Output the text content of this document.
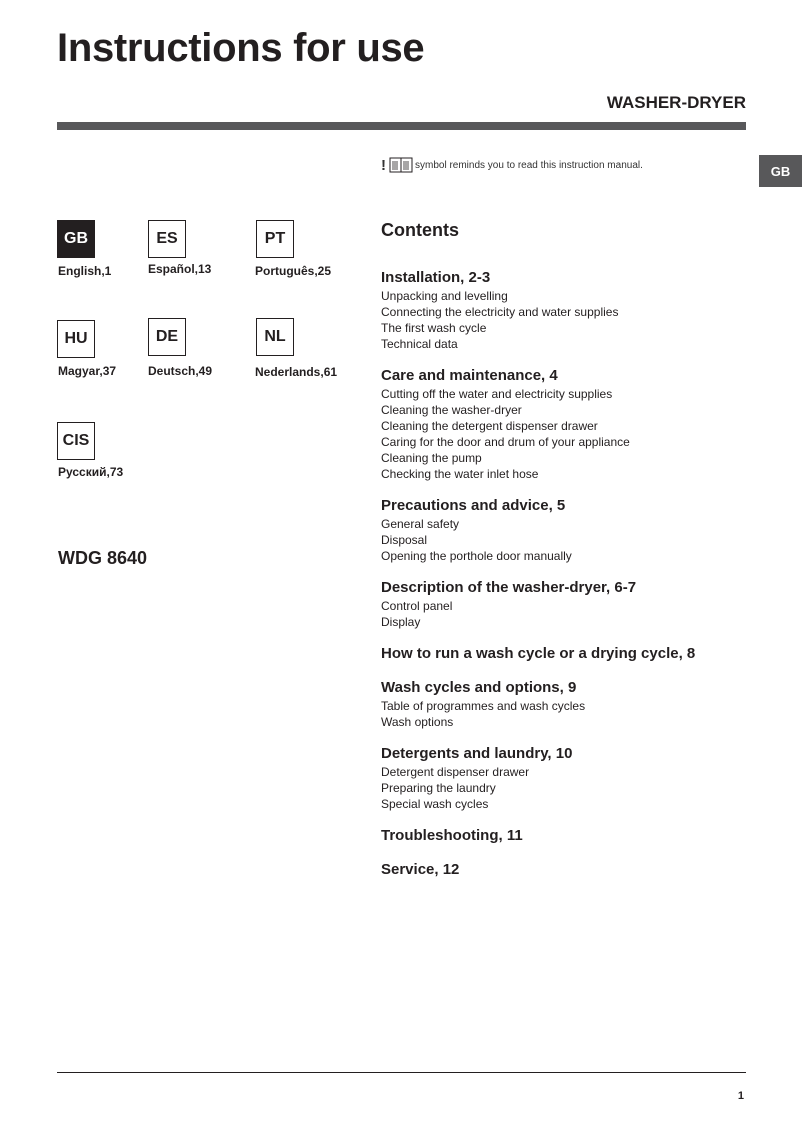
Instructions for use
WASHER-DRYER
GB
!	symbol reminds you to read this instruction manual.
GB
English,1
ES
Español,13
PT
Português,25
HU
Magyar,37
DE
Deutsch,49
NL
Nederlands,61
CIS
Русский,73
WDG 8640
Contents
Installation, 2-3
Unpacking and levelling
Connecting the electricity and water supplies
The first wash cycle
Technical data
Care and maintenance, 4
Cutting off the water and electricity supplies
Cleaning the washer-dryer
Cleaning the detergent dispenser drawer
Caring for the door and drum of your appliance
Cleaning the pump
Checking the water inlet hose
Precautions and advice, 5
General safety
Disposal
Opening the porthole door manually
Description of the washer-dryer, 6-7
Control panel
Display
How to run a wash cycle or a drying cycle, 8
Wash cycles and options, 9
Table of programmes and wash cycles
Wash options
Detergents and laundry, 10
Detergent dispenser drawer
Preparing the laundry
Special wash cycles
Troubleshooting, 11
Service, 12
1
